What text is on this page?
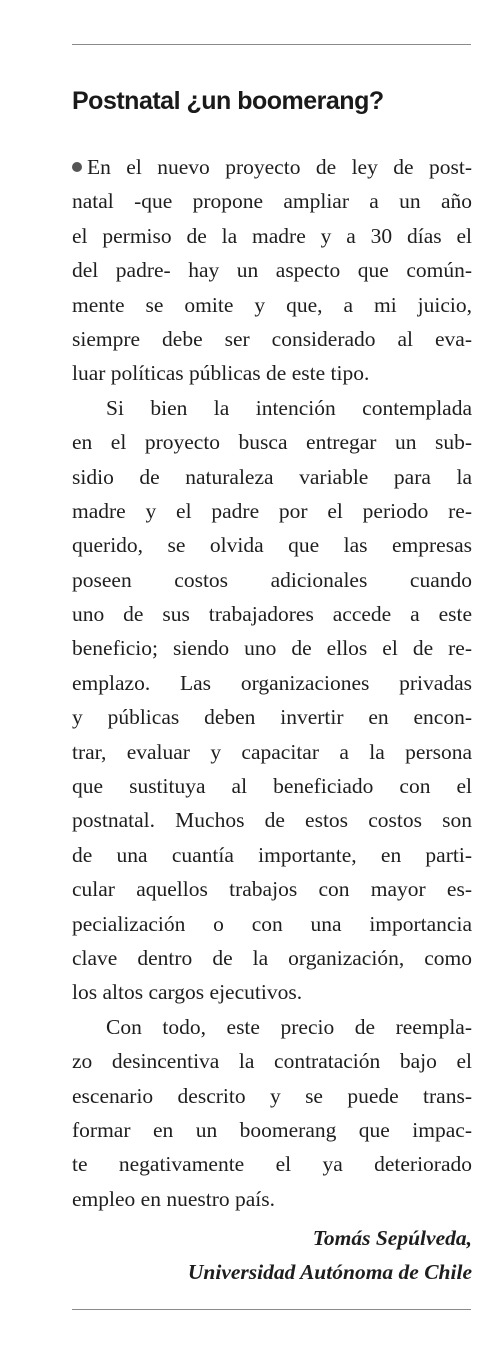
Postnatal ¿un boomerang?
En el nuevo proyecto de ley de post-
natal -que propone ampliar a un año
el permiso de la madre y a 30 días el
del padre- hay un aspecto que común-
mente se omite y que, a mi juicio,
siempre debe ser considerado al eva-
luar políticas públicas de este tipo.
Si bien la intención contemplada
en el proyecto busca entregar un sub-
sidio de naturaleza variable para la
madre y el padre por el periodo re-
querido, se olvida que las empresas
poseen costos adicionales cuando
uno de sus trabajadores accede a este
beneficio; siendo uno de ellos el de re-
emplazo. Las organizaciones privadas
y públicas deben invertir en encon-
trar, evaluar y capacitar a la persona
que sustituya al beneficiado con el
postnatal. Muchos de estos costos son
de una cuantía importante, en parti-
cular aquellos trabajos con mayor es-
pecialización o con una importancia
clave dentro de la organización, como
los altos cargos ejecutivos.
Con todo, este precio de reempla-
zo desincentiva la contratación bajo el
escenario descrito y se puede trans-
formar en un boomerang que impac-
te negativamente el ya deteriorado
empleo en nuestro país.
Tomás Sepúlveda,
Universidad Autónoma de Chile
